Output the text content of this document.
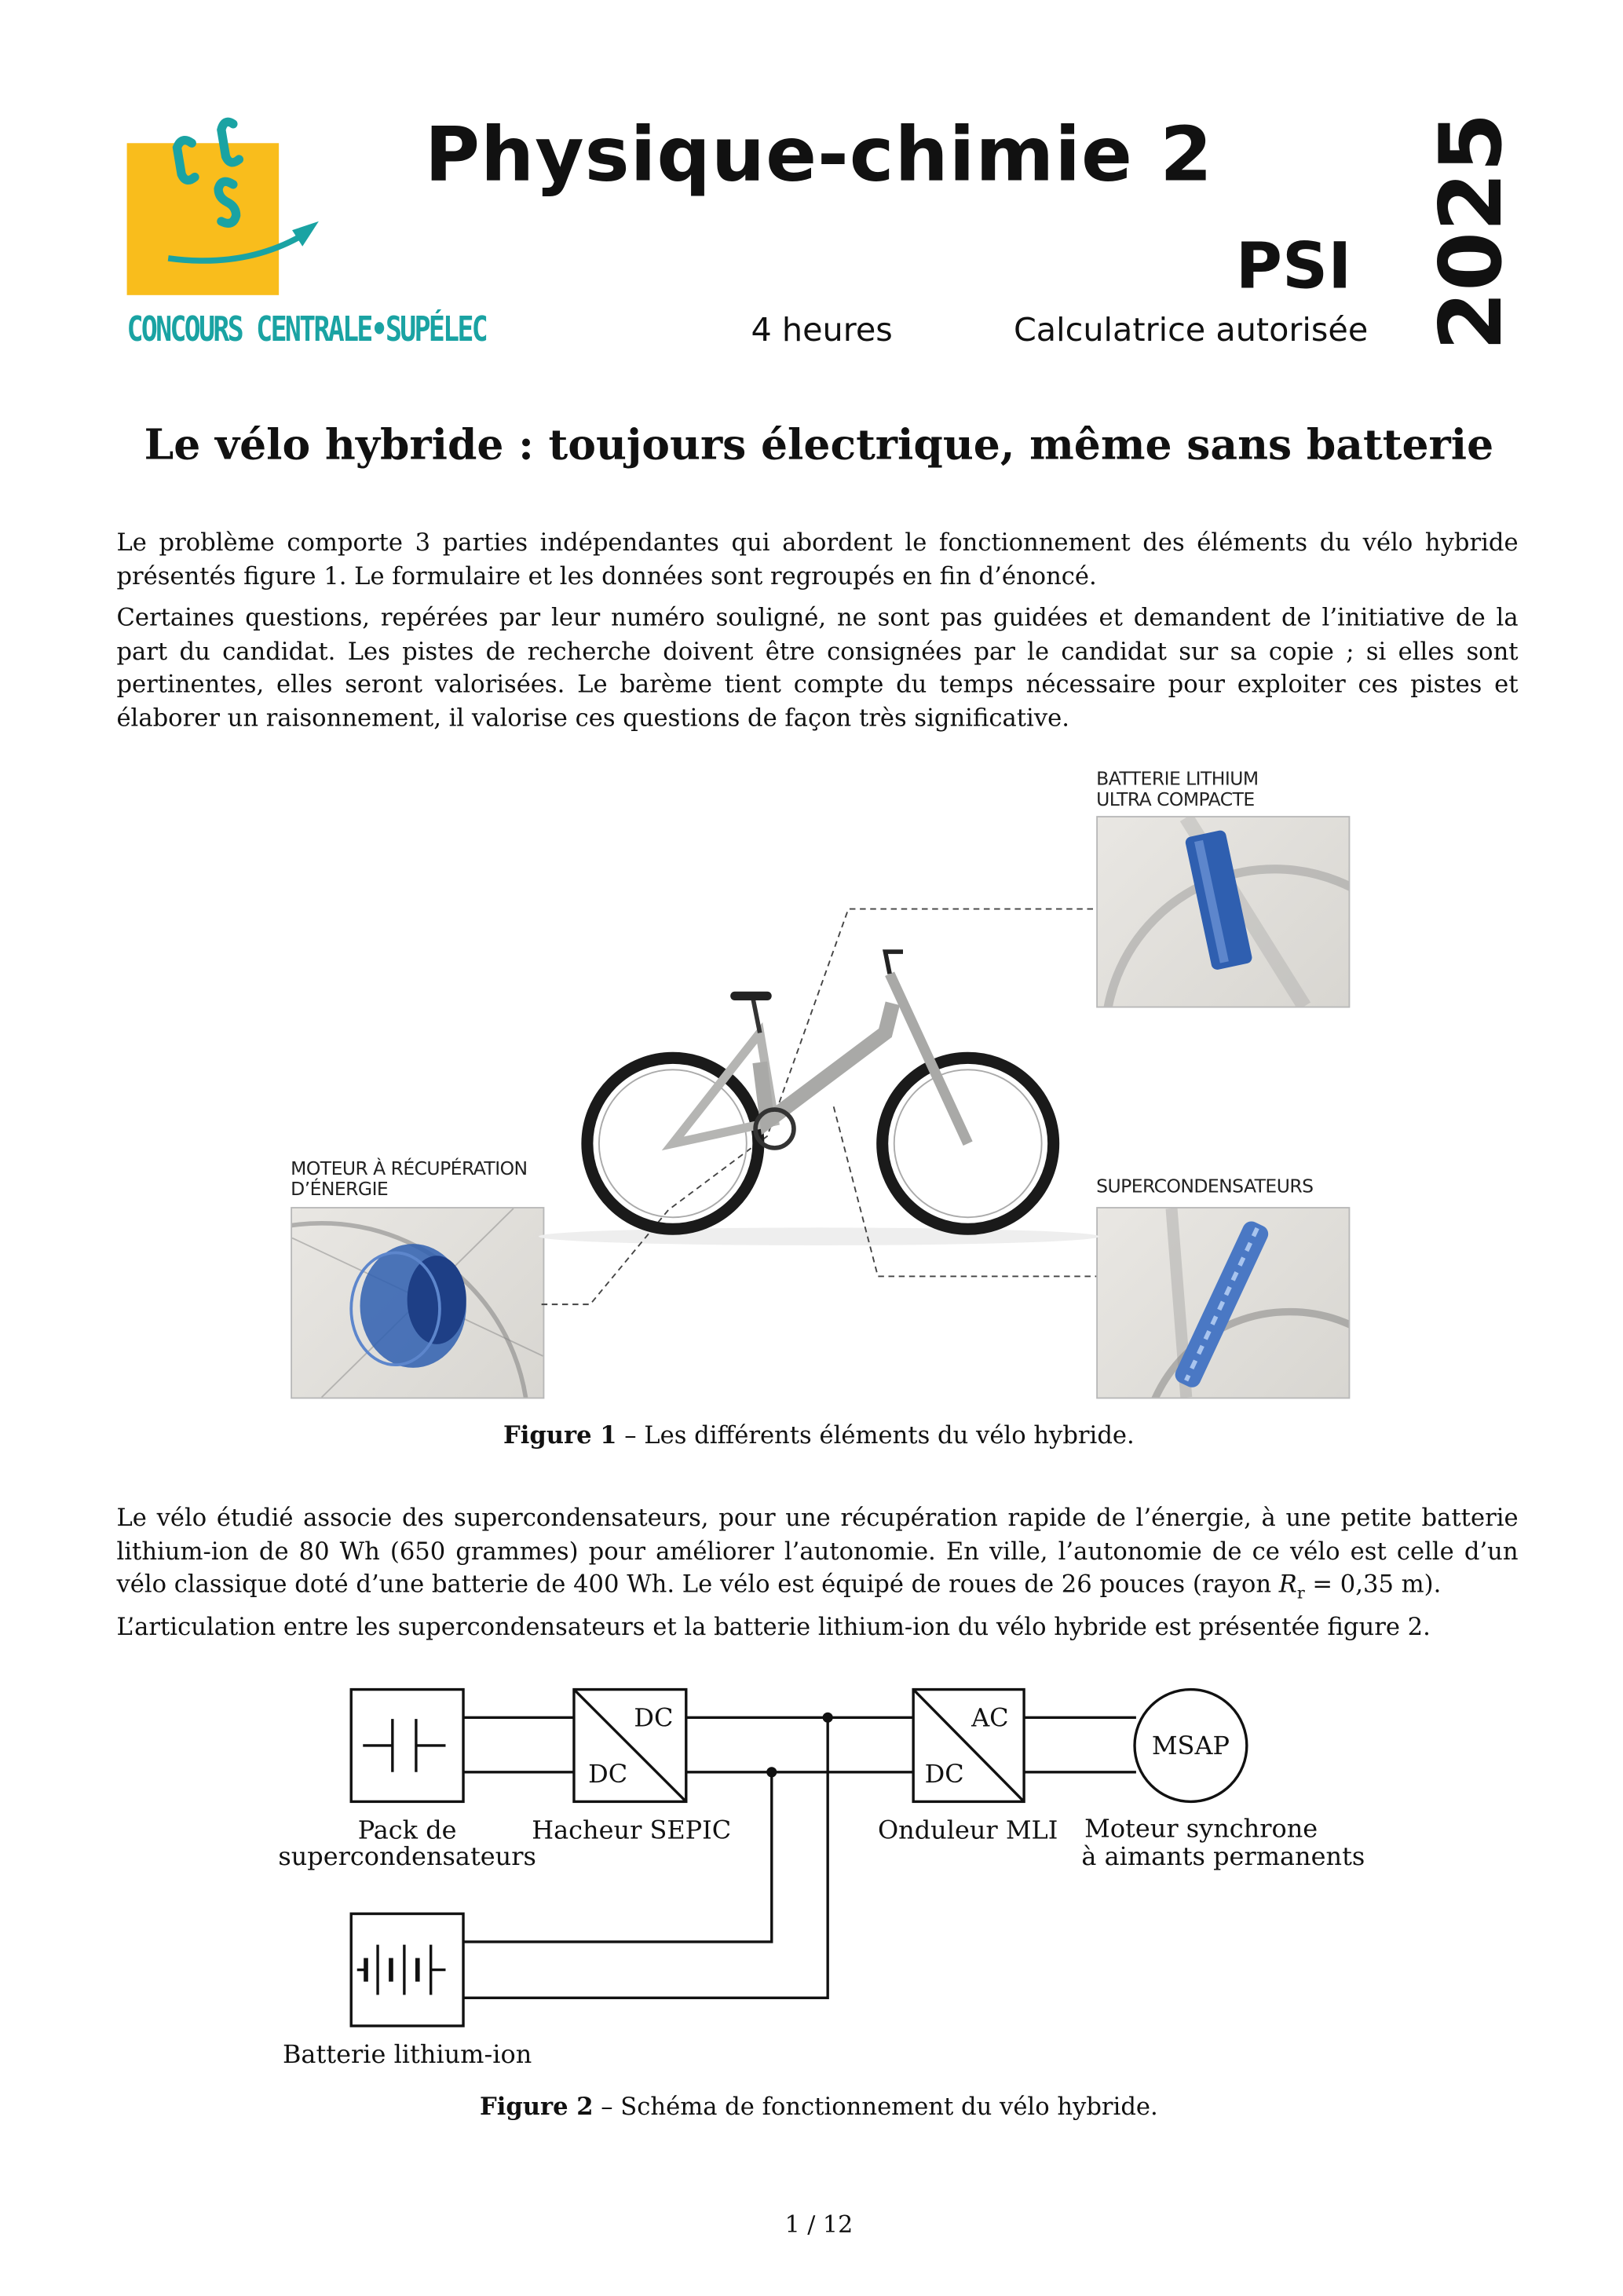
CONCOURS CENTRALE•SUPÉLEC
Physique-chimie 2
PSI 2025
4 heures	Calculatrice autorisée
Le vélo hybride : toujours électrique, même sans batterie

Le problème comporte 3 parties indépendantes qui abordent le fonctionnement des éléments du vélo hybride présentés figure 1. Le formulaire et les données sont regroupés en fin d’énoncé.

Certaines questions, repérées par leur numéro souligné, ne sont pas guidées et demandent de l’initiative de la part du candidat. Les pistes de recherche doivent être consignées par le candidat sur sa copie ; si elles sont pertinentes, elles seront valorisées. Le barème tient compte du temps nécessaire pour exploiter ces pistes et élaborer un raisonnement, il valorise ces questions de façon très significative.

BATTERIE LITHIUM
ULTRA COMPACTE
MOTEUR À RÉCUPÉRATION
D’ÉNERGIE	SUPERCONDENSATEURS
Figure 1 – Les différents éléments du vélo hybride.

Le vélo étudié associe des supercondensateurs, pour une récupération rapide de l’énergie, à une petite batterie lithium-ion de 80 Wh (650 grammes) pour améliorer l’autonomie. En ville, l’autonomie de ce vélo est celle d’un vélo classique doté d’une batterie de 400 Wh. Le vélo est équipé de roues de 26 pouces (rayon $R_r = 0,35$ m).

L’articulation entre les supercondensateurs et la batterie lithium-ion du vélo hybride est présentée figure 2.

DC
DC
AC
DC
MSAP
Pack de
supercondensateurs
Hacheur SEPIC	Onduleur MLI Moteur synchrone
à aimants permanents
Batterie lithium-ion
Figure 2 – Schéma de fonctionnement du vélo hybride.
1 / 12
